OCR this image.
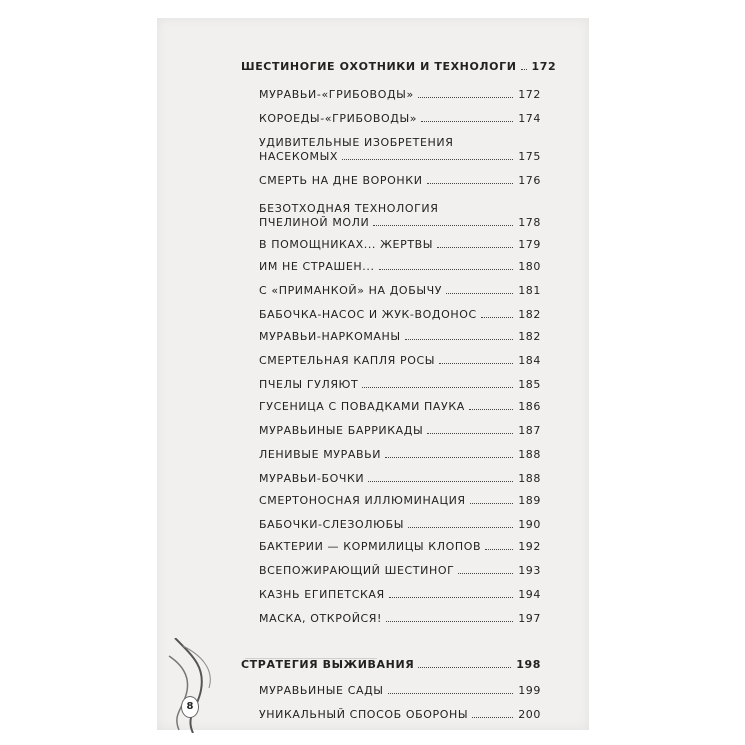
8
ШЕСТИНОГИЕ ОХОТНИКИ И ТЕХНОЛОГИ 172
МУРАВЬИ-«ГРИБОВОДЫ»	172
КОРОЕДЫ-«ГРИБОВОДЫ»	174
УДИВИТЕЛЬНЫЕ ИЗОБРЕТЕНИЯ
НАСЕКОМЫХ	175
СМЕРТЬ НА ДНЕ ВОРОНКИ	176
БЕЗОТХОДНАЯ ТЕХНОЛОГИЯ
ПЧЕЛИНОЙ МОЛИ	178
В ПОМОЩНИКАХ... ЖЕРТВЫ	179
ИМ НЕ СТРАШЕН...	180
С «ПРИМАНКОЙ» НА ДОБЫЧУ	181
БАБОЧКА-НАСОС И ЖУК-ВОДОНОС	182
МУРАВЬИ-НАРКОМАНЫ	182
СМЕРТЕЛЬНАЯ КАПЛЯ РОСЫ	184
ПЧЕЛЫ ГУЛЯЮТ	185
ГУСЕНИЦА С ПОВАДКАМИ ПАУКА	186
МУРАВЬИНЫЕ БАРРИКАДЫ	187
ЛЕНИВЫЕ МУРАВЬИ	188
МУРАВЬИ-БОЧКИ	188
СМЕРТОНОСНАЯ ИЛЛЮМИНАЦИЯ	189
БАБОЧКИ-СЛЕЗОЛЮБЫ	190
БАКТЕРИИ — КОРМИЛИЦЫ КЛОПОВ	192
ВСЕПОЖИРАЮЩИЙ ШЕСТИНОГ	193
КАЗНЬ ЕГИПЕТСКАЯ	194
МАСКА, ОТКРОЙСЯ!	197
СТРАТЕГИЯ ВЫЖИВАНИЯ	198
МУРАВЬИНЫЕ САДЫ	199
УНИКАЛЬНЫЙ СПОСОБ ОБОРОНЫ	200
